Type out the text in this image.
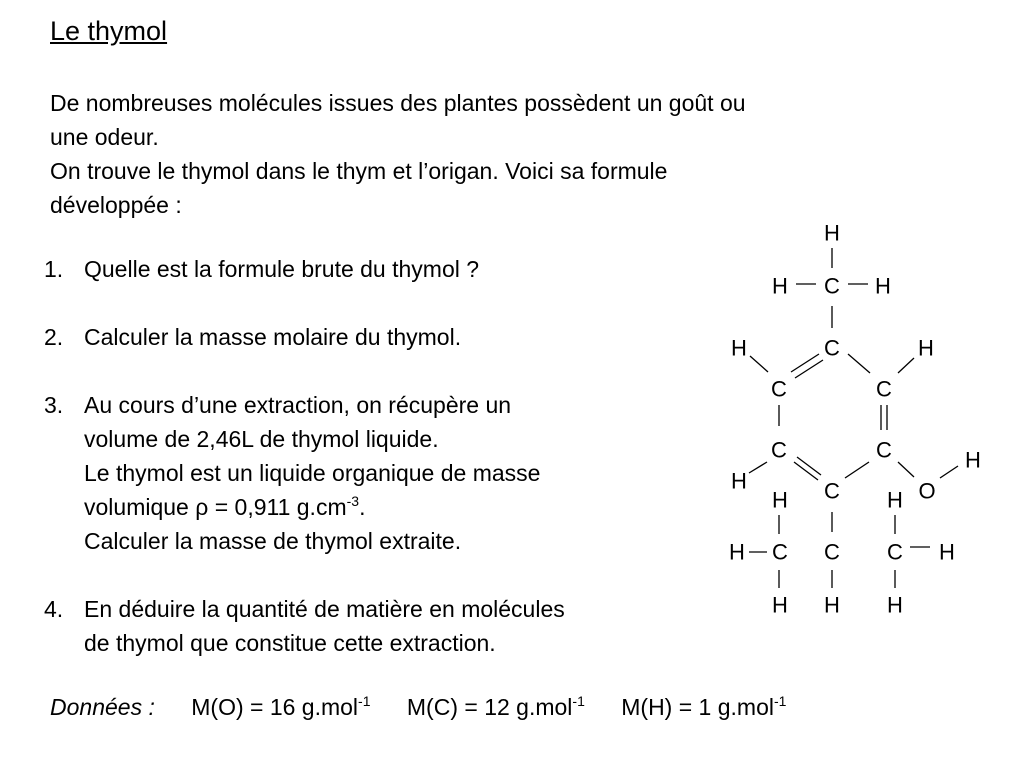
Le thymol

De nombreuses molécules issues des plantes possèdent un goût ou

une odeur.

On trouve le thymol dans le thym et l’origan. Voici sa formule

développée :

1. Quelle est la formule brute du thymol ?
2. Calculer la masse molaire du thymol.
3. Au cours d’une extraction, on récupère un
volume de 2,46L de thymol liquide.
Le thymol est un liquide organique de masse
volumique ρ = 0,911 $g.cm^{-3}$.
Calculer la masse de thymol extraite.
4. En déduire la quantité de matière en molécules
de thymol que constitue cette extraction.
Données : M(O) = 16 g.mol$^{-1}$ M(C) = 12 g.mol$^{-1}$ M(H) = 1 g.mol$^{-1}$
H
H C H
H	C	H
C	C
C	C	H
H	C	O
H	H
H C C C H
H H H
